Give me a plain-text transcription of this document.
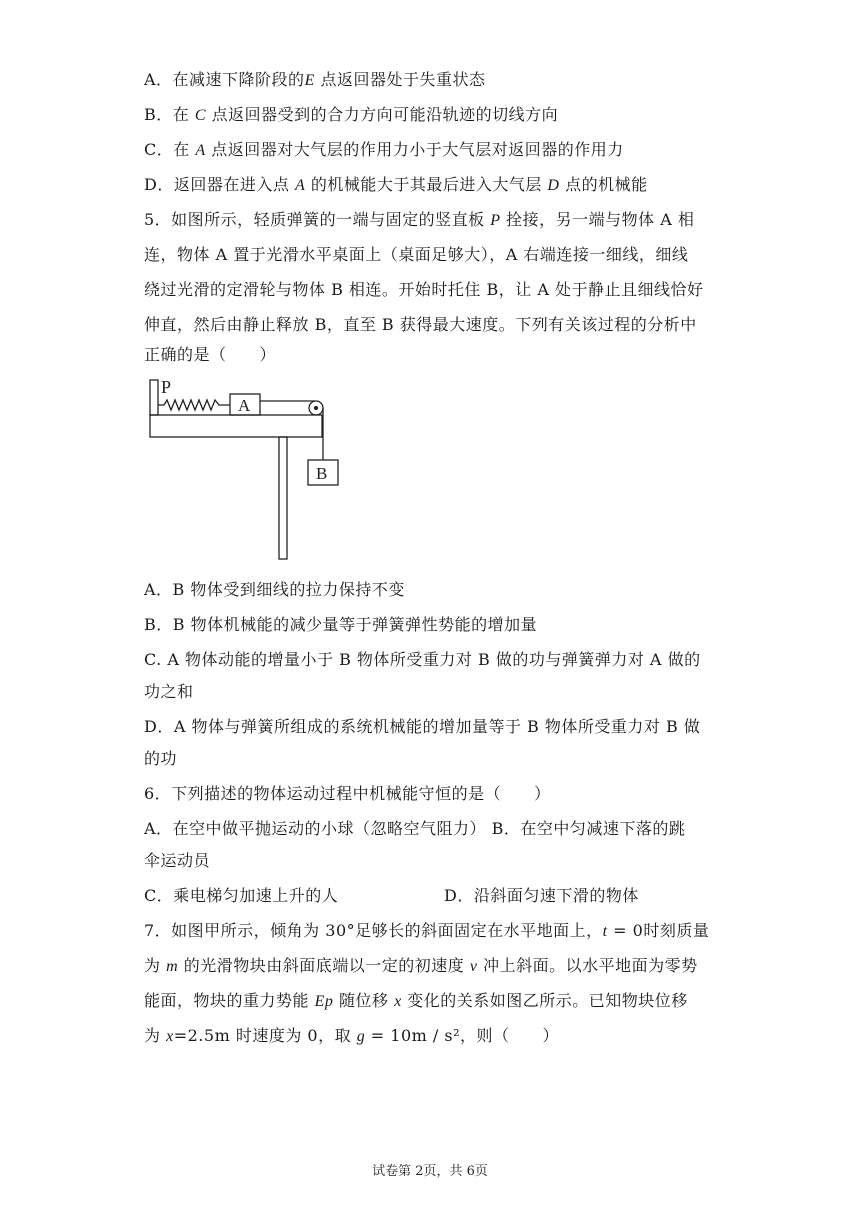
A．在减速下降阶段的E 点返回器处于失重状态
B．在 C 点返回器受到的合力方向可能沿轨迹的切线方向
C．在 A 点返回器对大气层的作用力小于大气层对返回器的作用力
D．返回器在进入点 A 的机械能大于其最后进入大气层 D 点的机械能
5．如图所示，轻质弹簧的一端与固定的竖直板 P 拴接，另一端与物体 A 相
连，物体 A 置于光滑水平桌面上（桌面足够大），A 右端连接一细线，细线
绕过光滑的定滑轮与物体 B 相连。开始时托住 B，让 A 处于静止且细线恰好
伸直，然后由静止释放 B，直至 B 获得最大速度。下列有关该过程的分析中
正确的是（　　）
P
A
B
A．B 物体受到细线的拉力保持不变
B．B 物体机械能的减少量等于弹簧弹性势能的增加量
C. A 物体动能的增量小于 B 物体所受重力对 B 做的功与弹簧弹力对 A 做的
功之和
D．A 物体与弹簧所组成的系统机械能的增加量等于 B 物体所受重力对 B 做
的功
6．下列描述的物体运动过程中机械能守恒的是（　　）
A．在空中做平抛运动的小球（忽略空气阻力） B．在空中匀减速下落的跳
伞运动员
C．乘电梯匀加速上升的人	D．沿斜面匀速下滑的物体
7．如图甲所示，倾角为 30°足够长的斜面固定在水平地面上，t = 0时刻质量
为 m 的光滑物块由斜面底端以一定的初速度 v 冲上斜面。以水平地面为零势
能面，物块的重力势能 Ep 随位移 x 变化的关系如图乙所示。已知物块位移
为 x=2.5m 时速度为 0，取 g = 10m / s²，则（　　）
试卷第 2页，共 6页
